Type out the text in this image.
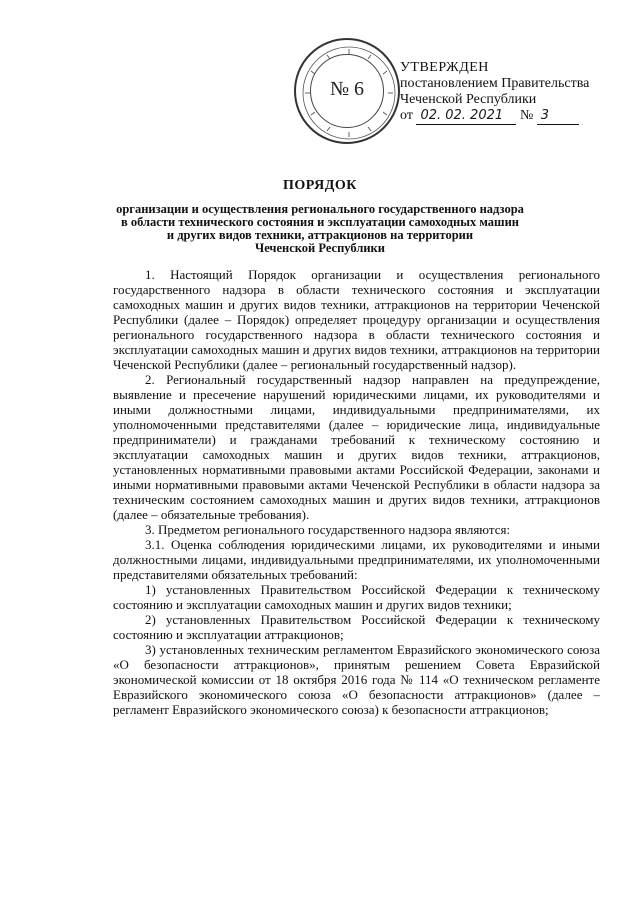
№ 6
УТВЕРЖДЕН
постановлением Правительства
Чеченской Республики
от 02. 02. 2021 № 3
ПОРЯДОК
организации и осуществления регионального государственного надзора
в области технического состояния и эксплуатации самоходных машин
и других видов техники, аттракционов на территории
Чеченской Республики

1. Настоящий Порядок организации и осуществления регионального государственного надзора в области технического состояния и эксплуатации самоходных машин и других видов техники, аттракционов на территории Чеченской Республики (далее – Порядок) определяет процедуру организации и осуществления регионального государственного надзора в области технического состояния и эксплуатации самоходных машин и других видов техники, аттракционов на территории Чеченской Республики (далее – региональный государственный надзор).

2. Региональный государственный надзор направлен на предупреждение, выявление и пресечение нарушений юридическими лицами, их руководителями и иными должностными лицами, индивидуальными предпринимателями, их уполномоченными представителями (далее – юридические лица, индивидуальные предприниматели) и гражданами требований к техническому состоянию и эксплуатации самоходных машин и других видов техники, аттракционов, установленных нормативными правовыми актами Российской Федерации, законами и иными нормативными правовыми актами Чеченской Республики в области надзора за техническим состоянием самоходных машин и других видов техники, аттракционов (далее – обязательные требования).

3. Предметом регионального государственного надзора являются:

3.1. Оценка соблюдения юридическими лицами, их руководителями и иными должностными лицами, индивидуальными предпринимателями, их уполномоченными представителями обязательных требований:

1) установленных Правительством Российской Федерации к техническому состоянию и эксплуатации самоходных машин и других видов техники;

2) установленных Правительством Российской Федерации к техническому состоянию и эксплуатации аттракционов;

3) установленных техническим регламентом Евразийского экономического союза «О безопасности аттракционов», принятым решением Совета Евразийской экономической комиссии от 18 октября 2016 года № 114 «О техническом регламенте Евразийского экономического союза «О безопасности аттракционов» (далее – регламент Евразийского экономического союза) к безопасности аттракционов;
